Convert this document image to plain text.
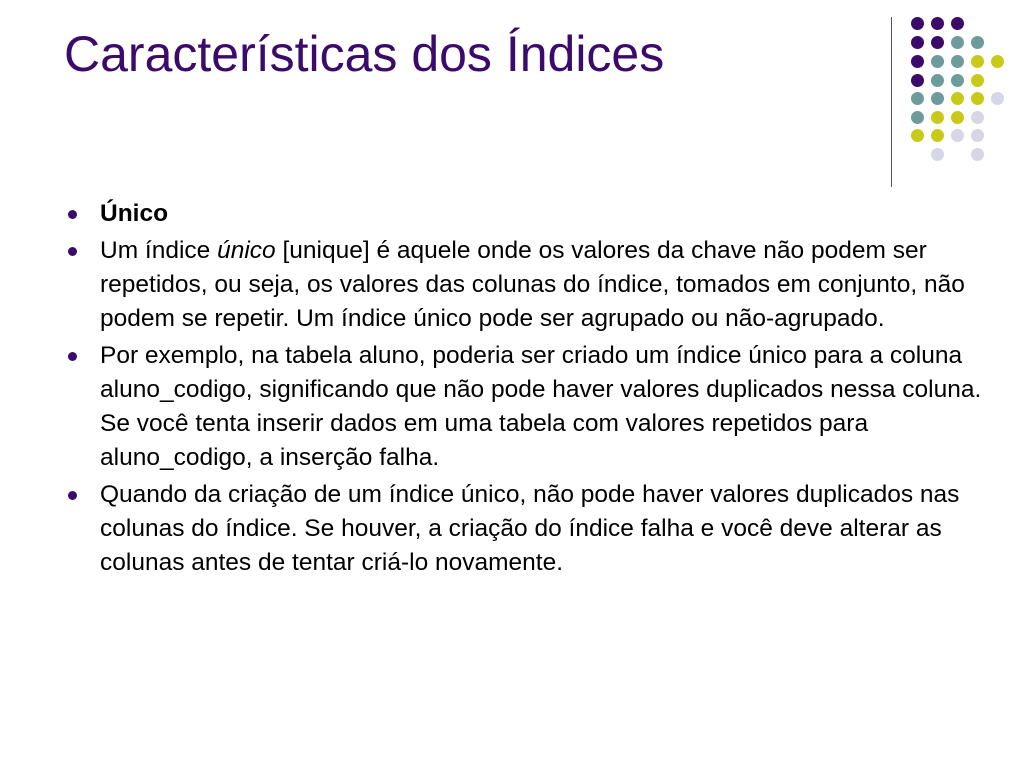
Características dos Índices
Único
Um índice único [unique] é aquele onde os valores da chave não podem ser repetidos, ou seja, os valores das colunas do índice, tomados em conjunto, não podem se repetir. Um índice único pode ser agrupado ou não-agrupado.
Por exemplo, na tabela aluno, poderia ser criado um índice único para a coluna aluno_codigo, significando que não pode haver valores duplicados nessa coluna. Se você tenta inserir dados em uma tabela com valores repetidos para aluno_codigo, a inserção falha.
Quando da criação de um índice único, não pode haver valores duplicados nas colunas do índice. Se houver, a criação do índice falha e você deve alterar as colunas antes de tentar criá-lo novamente.
